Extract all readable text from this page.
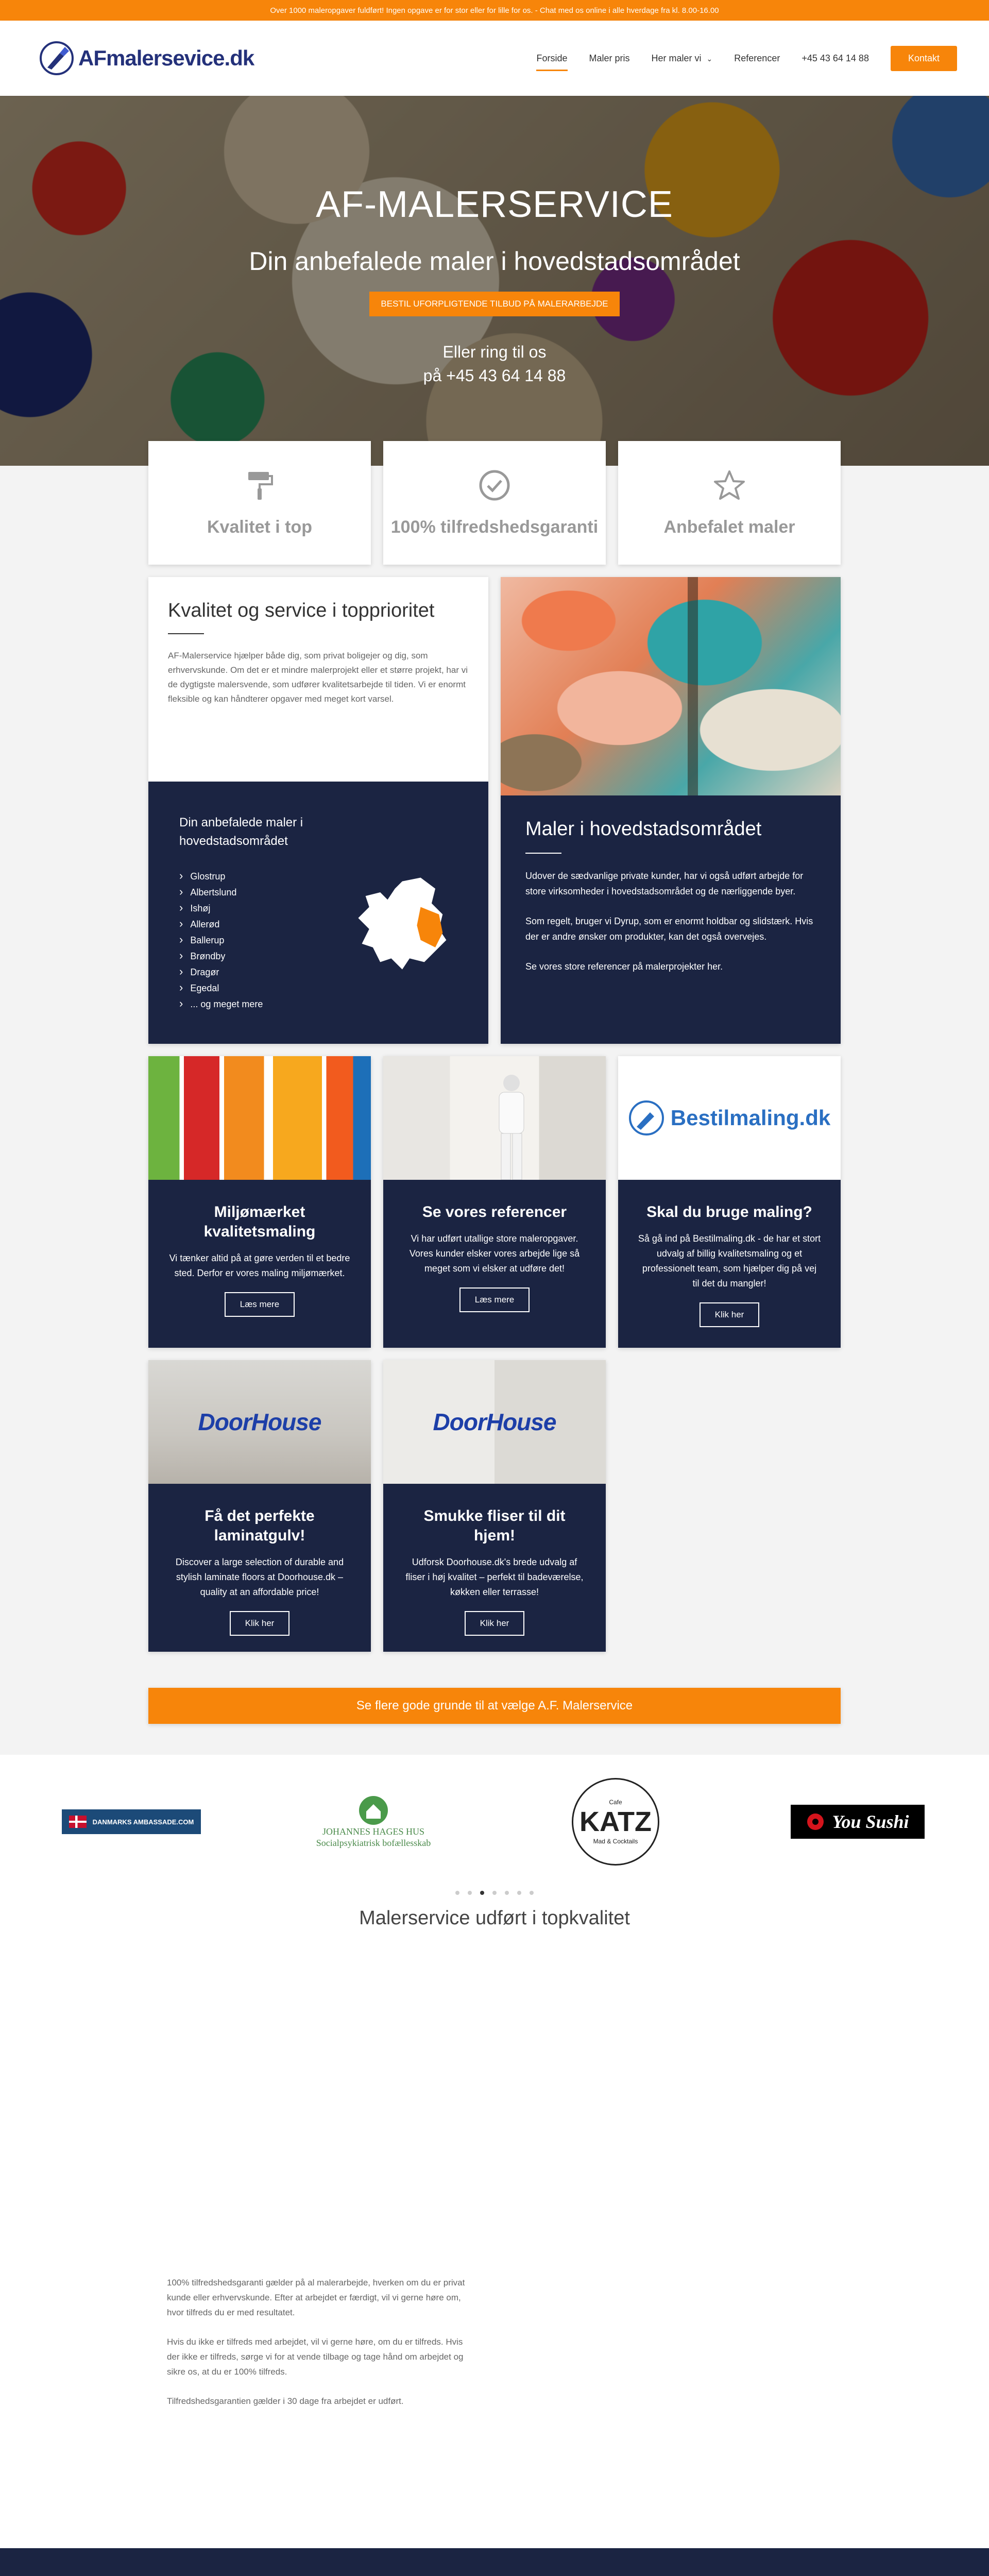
Over 1000 maleropgaver fuldført! Ingen opgave er for stor eller for lille for os. - Chat med os online i alle hverdage fra kl. 8.00-16.00
AFmalersevice.dk	Forside Maler pris Her maler vi ⌄ Referencer +45 43 64 14 88	Kontakt
AF-MALERSERVICE
Din anbefalede maler i hovedstadsområdet
BESTIL UFORPLIGTENDE TILBUD PÅ MALERARBEJDE
Eller ring til os
på +45 43 64 14 88
Kvalitet i top	100% tilfredshedsgaranti	Anbefalet maler
Kvalitet og service i topprioritet

AF-Malerservice hjælper både dig, som privat boligejer og dig, som erhvervskunde. Om det er et mindre malerprojekt eller et større projekt, har vi de dygtigste malersvende, som udfører kvalitetsarbejde til tiden. Vi er enormt fleksible og kan håndterer opgaver med meget kort varsel.

Din anbefalede maler i hovedstadsområdet
› Glostrup
› Albertslund
› Ishøj
› Allerød
› Ballerup
› Brøndby
› Dragør
› Egedal
› ... og meget mere
Maler i hovedstadsområdet

Udover de sædvanlige private kunder, har vi også udført arbejde for store virksomheder i hovedstadsområdet og de nærliggende byer.

Som regelt, bruger vi Dyrup, som er enormt holdbar og slidstærk. Hvis der er andre ønsker om produkter, kan det også overvejes.

Se vores store referencer på malerprojekter her.

Miljømærket kvalitetsmaling

Vi tænker altid på at gøre verden til et bedre sted. Derfor er vores maling miljømærket.

Læs mere
Se vores referencer

Vi har udført utallige store maleropgaver. Vores kunder elsker vores arbejde lige så meget som vi elsker at udføre det!

Læs mere
Bestilmaling.dk
Skal du bruge maling?

Så gå ind på Bestilmaling.dk - de har et stort udvalg af billig kvalitetsmaling og et professionelt team, som hjælper dig på vej til det du mangler!

Klik her
DoorHouse
Få det perfekte laminatgulv!

Discover a large selection of durable and stylish laminate floors at Doorhouse.dk – quality at an affordable price!

Klik her
DoorHouse
Smukke fliser til dit hjem!

Udforsk Doorhouse.dk's brede udvalg af fliser i høj kvalitet – perfekt til badeværelse, køkken eller terrasse!

Klik her
Se flere gode grunde til at vælge A.F. Malerservice
DANMARKS AMBASSADE.COM
JOHANNES HAGES HUS
Socialpsykiatrisk bofællesskab
Cafe
KATZ
Mad & Cocktails
You Sushi
Malerservice udført i topkvalitet

100% tilfredshedsgaranti gælder på al malerarbejde, hverken om du er privat kunde eller erhvervskunde. Efter at arbejdet er færdigt, vil vi gerne høre om, hvor tilfreds du er med resultatet.

Hvis du ikke er tilfreds med arbejdet, vil vi gerne høre, om du er tilfreds. Hvis der ikke er tilfreds, sørge vi for at vende tilbage og tage hånd om arbejdet og sikre os, at du er 100% tilfreds.

Tilfredshedsgarantien gælder i 30 dage fra arbejdet er udført.
